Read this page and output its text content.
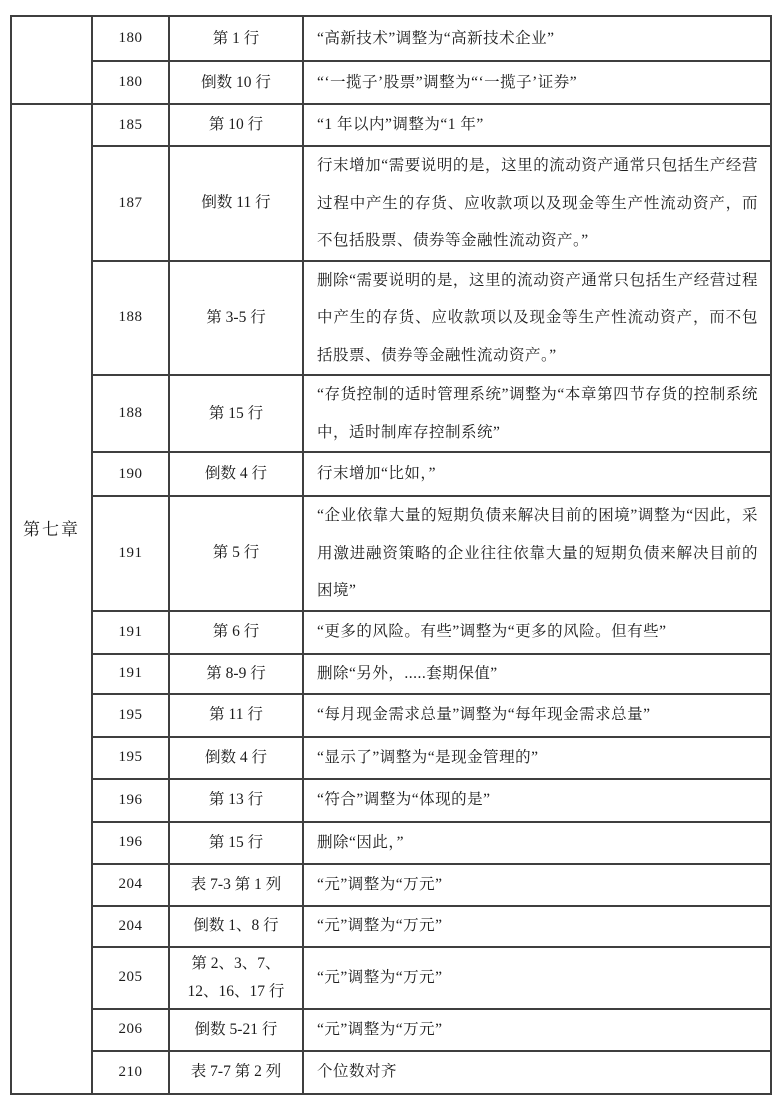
	180	第 1 行	“高新技术”调整为“高新技术企业”
	180	倒数 10 行	“‘一揽子’股票”调整为“‘一揽子’证券”
第七章	185	第 10 行	“1 年以内”调整为“1 年”
	187	倒数 11 行	行末增加“需要说明的是，这里的流动资产通常只包括生产经营过程中产生的存货、应收款项以及现金等生产性流动资产，而不包括股票、债券等金融性流动资产。”
	188	第 3-5 行	删除“需要说明的是，这里的流动资产通常只包括生产经营过程中产生的存货、应收款项以及现金等生产性流动资产，而不包括股票、债券等金融性流动资产。”
	188	第 15 行	“存货控制的适时管理系统”调整为“本章第四节存货的控制系统中，适时制库存控制系统”
	190	倒数 4 行	行末增加“比如，”
	191	第 5 行	“企业依靠大量的短期负债来解决目前的困境”调整为“因此，采用激进融资策略的企业往往依靠大量的短期负债来解决目前的困境”
	191	第 6 行	“更多的风险。有些”调整为“更多的风险。但有些”
	191	第 8-9 行	删除“另外，.....套期保值”
	195	第 11 行	“每月现金需求总量”调整为“每年现金需求总量”
	195	倒数 4 行	“显示了”调整为“是现金管理的”
	196	第 13 行	“符合”调整为“体现的是”
	196	第 15 行	删除“因此，”
	204	表 7-3 第 1 列	“元”调整为“万元”
	204	倒数 1、8 行	“元”调整为“万元”
	205	第 2、3、7、12、16、17 行	“元”调整为“万元”
	206	倒数 5-21 行	“元”调整为“万元”
	210	表 7-7 第 2 列	个位数对齐
